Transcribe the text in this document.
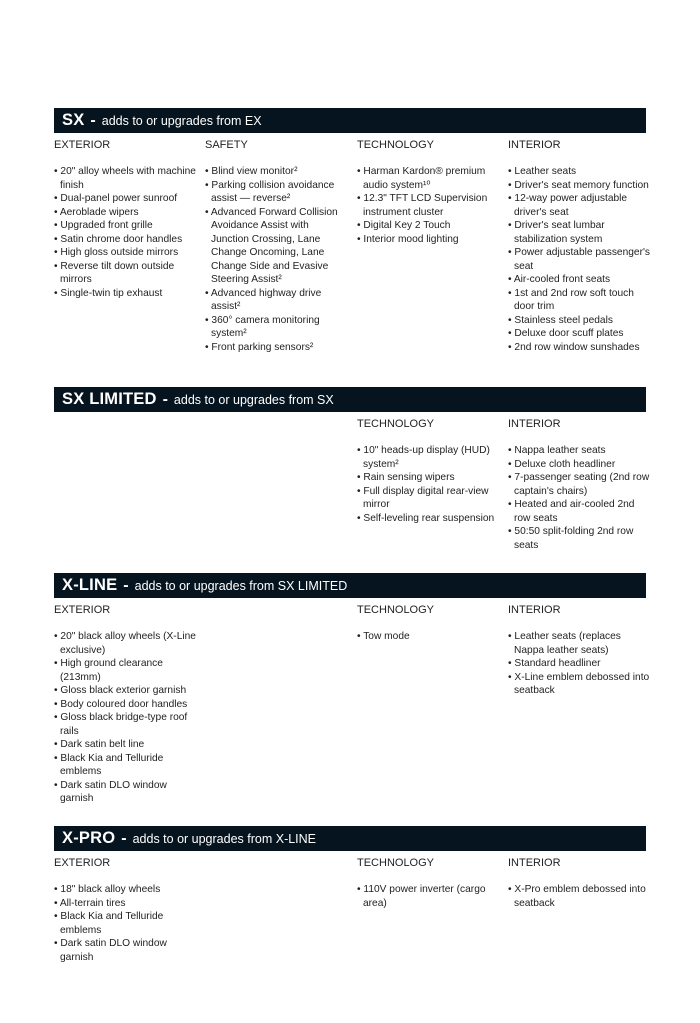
SX - adds to or upgrades from EX
EXTERIOR
• 20" alloy wheels with machine finish
• Dual-panel power sunroof
• Aeroblade wipers
• Upgraded front grille
• Satin chrome door handles
• High gloss outside mirrors
• Reverse tilt down outside mirrors
• Single-twin tip exhaust
SAFETY
• Blind view monitor²
• Parking collision avoidance assist — reverse²
• Advanced Forward Collision Avoidance Assist with Junction Crossing, Lane Change Oncoming, Lane Change Side and Evasive Steering Assist²
• Advanced highway drive assist²
• 360° camera monitoring system²
• Front parking sensors²
TECHNOLOGY
• Harman Kardon® premium audio system¹⁰
• 12.3" TFT LCD Supervision instrument cluster
• Digital Key 2 Touch
• Interior mood lighting
INTERIOR
• Leather seats
• Driver's seat memory function
• 12-way power adjustable driver's seat
• Driver's seat lumbar stabilization system
• Power adjustable passenger's seat
• Air-cooled front seats
• 1st and 2nd row soft touch door trim
• Stainless steel pedals
• Deluxe door scuff plates
• 2nd row window sunshades
SX LIMITED - adds to or upgrades from SX
TECHNOLOGY
• 10" heads-up display (HUD) system²
• Rain sensing wipers
• Full display digital rear-view mirror
• Self-leveling rear suspension
INTERIOR
• Nappa leather seats
• Deluxe cloth headliner
• 7-passenger seating (2nd row captain's chairs)
• Heated and air-cooled 2nd row seats
• 50:50 split-folding 2nd row seats
X-LINE - adds to or upgrades from SX LIMITED
EXTERIOR
• 20" black alloy wheels (X-Line exclusive)
• High ground clearance (213mm)
• Gloss black exterior garnish
• Body coloured door handles
• Gloss black bridge-type roof rails
• Dark satin belt line
• Black Kia and Telluride emblems
• Dark satin DLO window garnish
TECHNOLOGY
• Tow mode
INTERIOR
• Leather seats (replaces Nappa leather seats)
• Standard headliner
• X-Line emblem debossed into seatback
X-PRO - adds to or upgrades from X-LINE
EXTERIOR
• 18" black alloy wheels
• All-terrain tires
• Black Kia and Telluride emblems
• Dark satin DLO window garnish
TECHNOLOGY
• 110V power inverter (cargo area)
INTERIOR
• X-Pro emblem debossed into seatback
